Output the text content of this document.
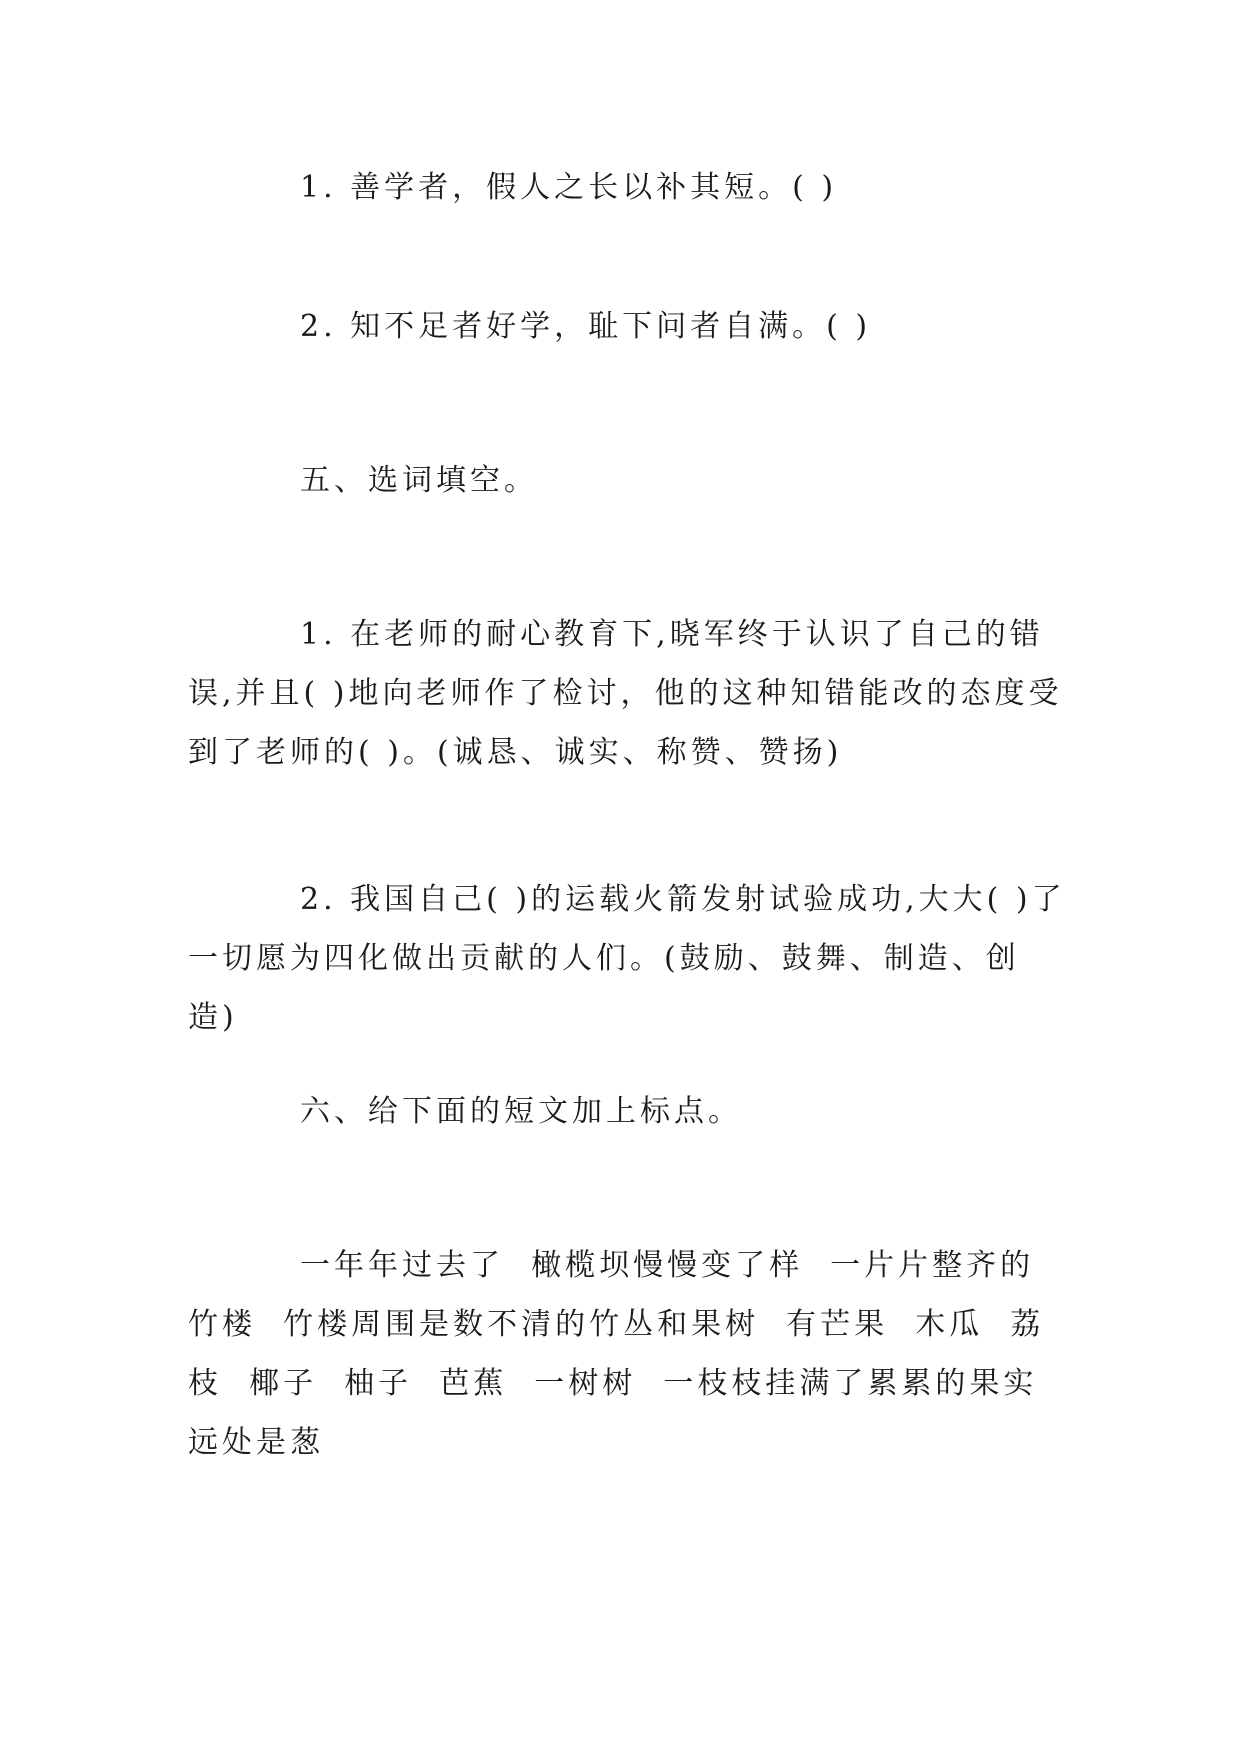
1. 善学者，假人之长以补其短。( )

2. 知不足者好学，耻下问者自满。( )

五、选词填空。

1. 在老师的耐心教育下,晓军终于认识了自己的错误,并且( )地向老师作了检讨，他的这种知错能改的态度受到了老师的( )。(诚恳、诚实、称赞、赞扬)

2. 我国自己( )的运载火箭发射试验成功,大大( )了一切愿为四化做出贡献的人们。(鼓励、鼓舞、制造、创造)

六、给下面的短文加上标点。

一年年过去了  橄榄坝慢慢变了样  一片片整齐的竹楼  竹楼周围是数不清的竹丛和果树  有芒果  木瓜  荔枝  椰子  柚子  芭蕉  一树树  一枝枝挂满了累累的果实  远处是葱
